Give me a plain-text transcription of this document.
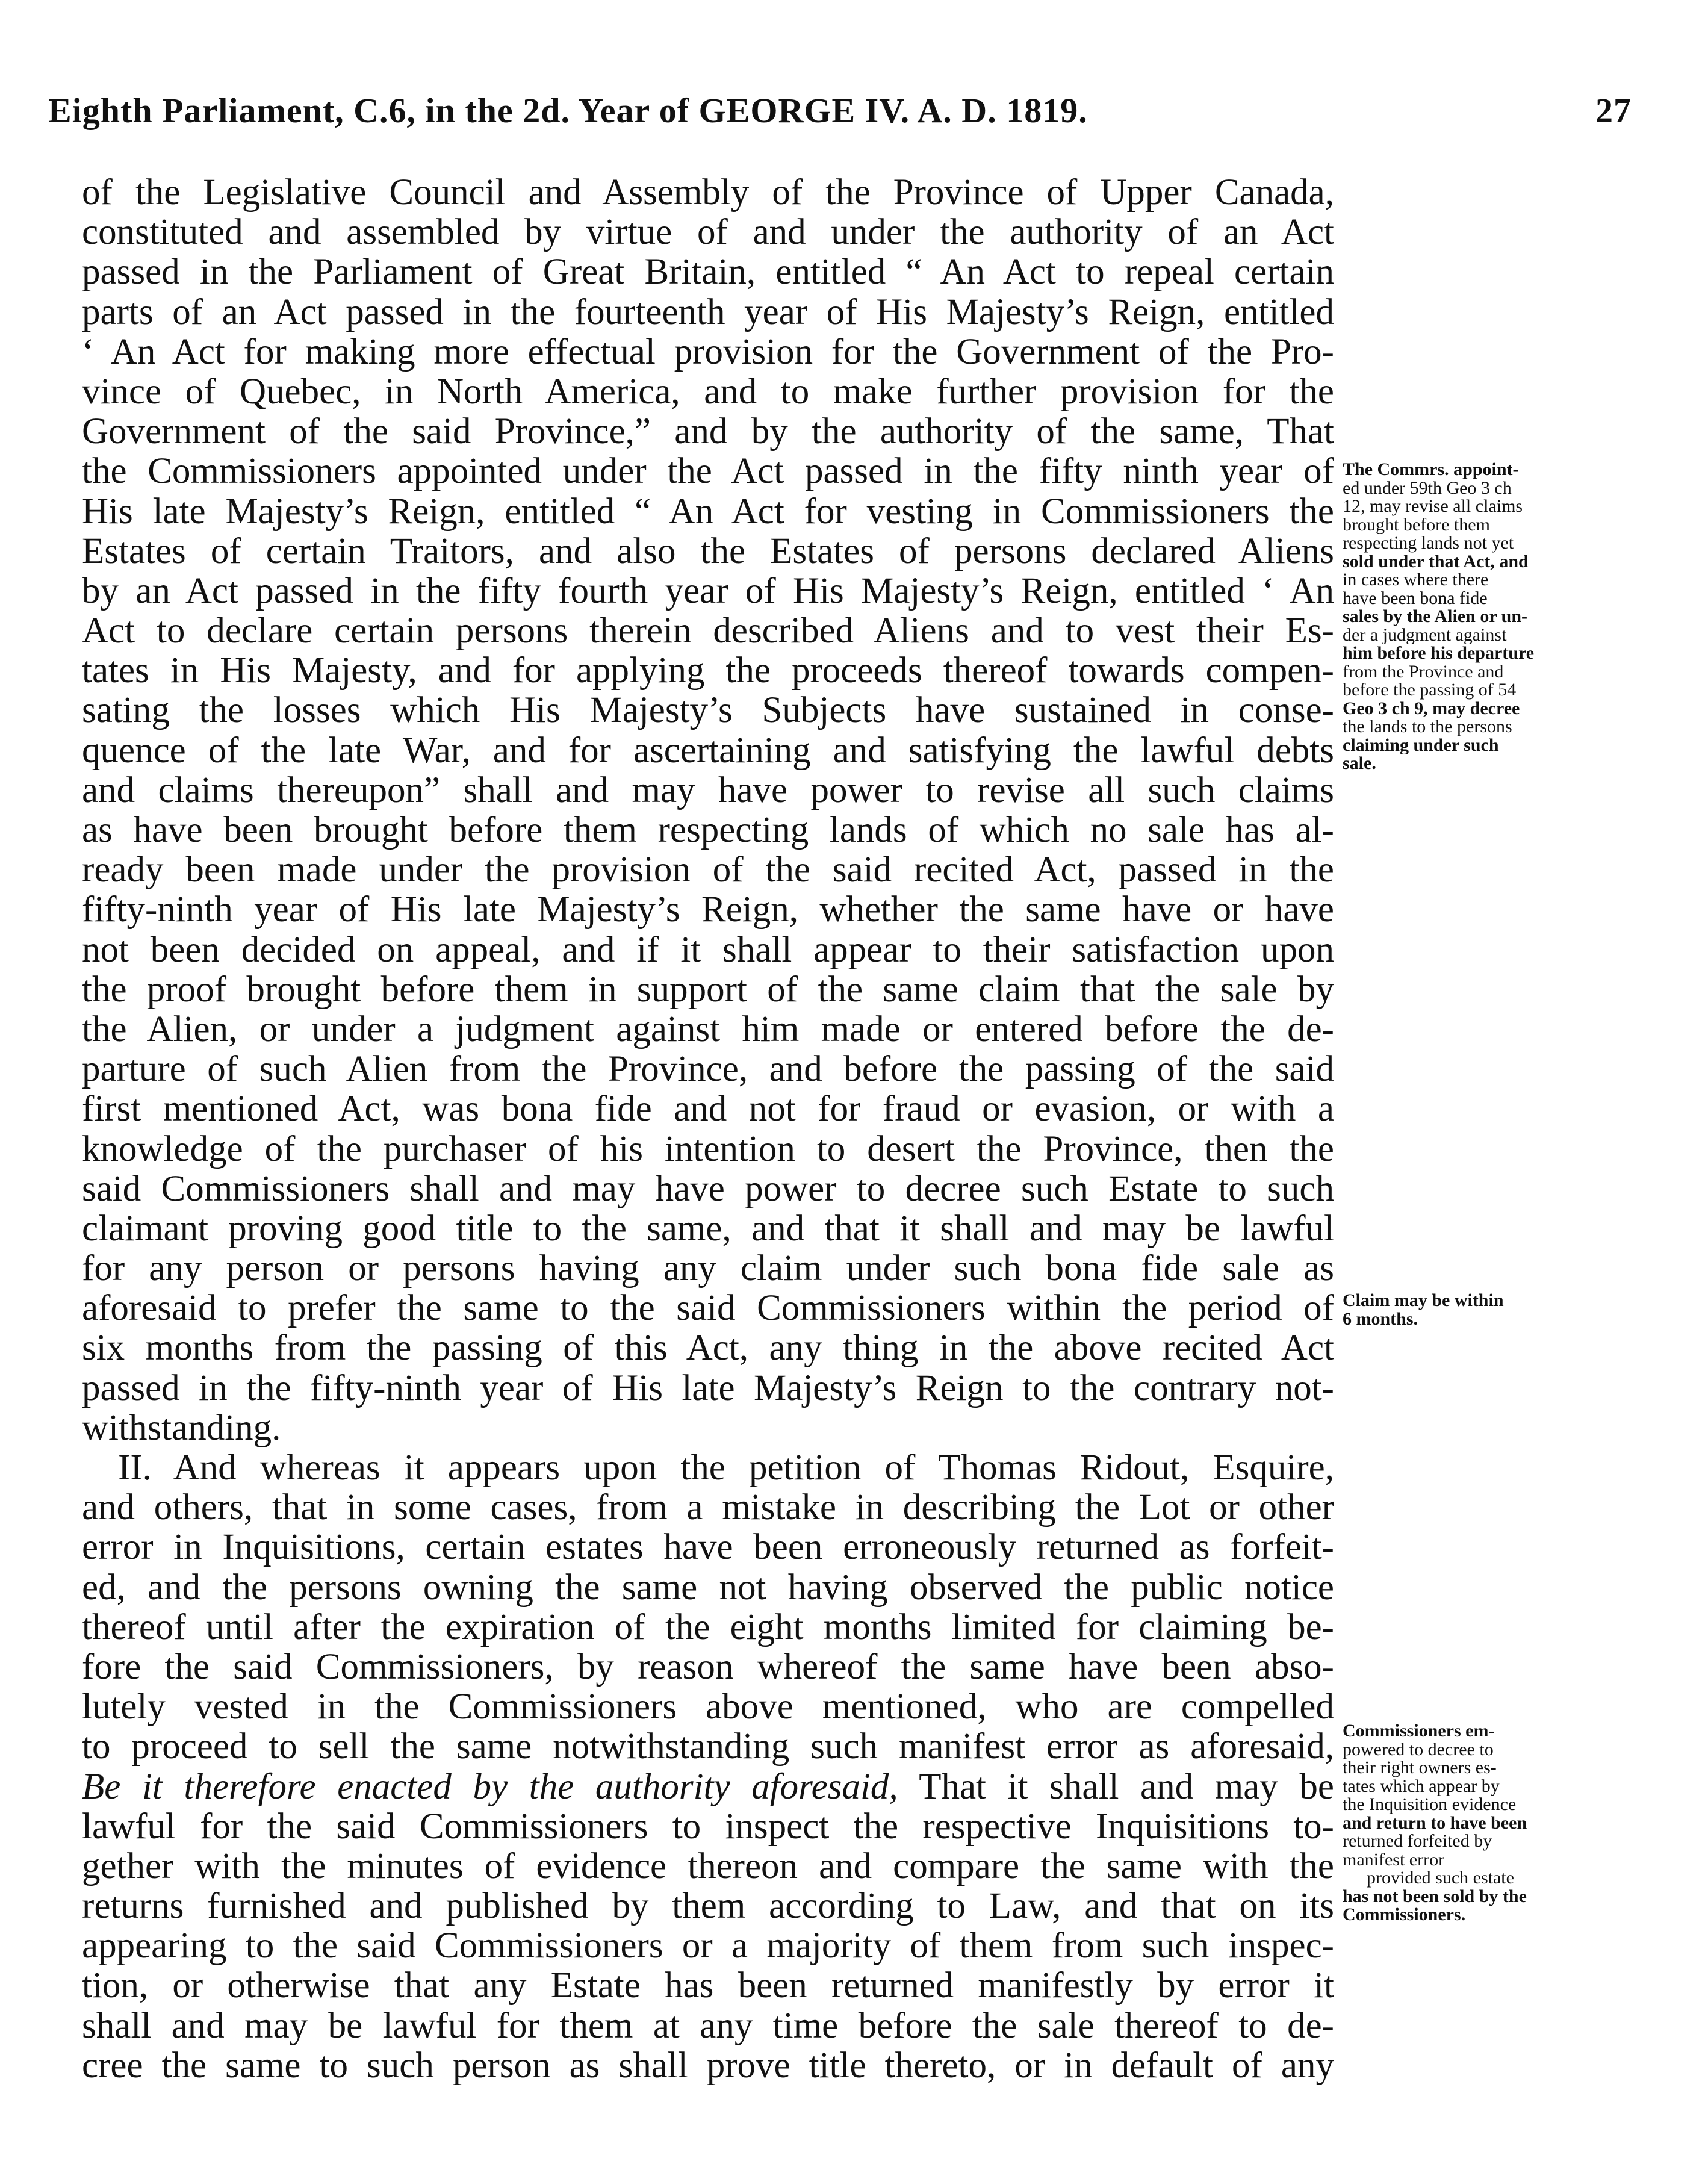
Eighth Parliament, C.6, in the 2d. Year of GEORGE IV. A. D. 1819.	27
of the Legislative Council and Assembly of the Province of Upper Canada,
constituted and assembled by virtue of and under the authority of an Act
passed in the Parliament of Great Britain, entitled “ An Act to repeal certain
parts of an Act passed in the fourteenth year of His Majesty’s Reign, entitled
‘ An Act for making more effectual provision for the Government of the Pro-
vince of Quebec, in North America, and to make further provision for the
Government of the said Province,” and by the authority of the same, That
the Commissioners appointed under the Act passed in the fifty ninth year of
His late Majesty’s Reign, entitled “ An Act for vesting in Commissioners the
Estates of certain Traitors, and also the Estates of persons declared Aliens
by an Act passed in the fifty fourth year of His Majesty’s Reign, entitled ‘ An
Act to declare certain persons therein described Aliens and to vest their Es-
tates in His Majesty, and for applying the proceeds thereof towards compen-
sating the losses which His Majesty’s Subjects have sustained in conse-
quence of the late War, and for ascertaining and satisfying the lawful debts
and claims thereupon” shall and may have power to revise all such claims
as have been brought before them respecting lands of which no sale has al-
ready been made under the provision of the said recited Act, passed in the
fifty-ninth year of His late Majesty’s Reign, whether the same have or have
not been decided on appeal, and if it shall appear to their satisfaction upon
the proof brought before them in support of the same claim that the sale by
the Alien, or under a judgment against him made or entered before the de-
parture of such Alien from the Province, and before the passing of the said
first mentioned Act, was bona fide and not for fraud or evasion, or with a
knowledge of the purchaser of his intention to desert the Province, then the
said Commissioners shall and may have power to decree such Estate to such
claimant proving good title to the same, and that it shall and may be lawful
for any person or persons having any claim under such bona fide sale as
aforesaid to prefer the same to the said Commissioners within the period of
six months from the passing of this Act, any thing in the above recited Act
passed in the fifty-ninth year of His late Majesty’s Reign to the contrary not-
withstanding.
II. And whereas it appears upon the petition of Thomas Ridout, Esquire,
and others, that in some cases, from a mistake in describing the Lot or other
error in Inquisitions, certain estates have been erroneously returned as forfeit-
ed, and the persons owning the same not having observed the public notice
thereof until after the expiration of the eight months limited for claiming be-
fore the said Commissioners, by reason whereof the same have been abso-
lutely vested in the Commissioners above mentioned, who are compelled
to proceed to sell the same notwithstanding such manifest error as aforesaid,
Be it therefore enacted by the authority aforesaid, That it shall and may be
lawful for the said Commissioners to inspect the respective Inquisitions to-
gether with the minutes of evidence thereon and compare the same with the
returns furnished and published by them according to Law, and that on its
appearing to the said Commissioners or a majority of them from such inspec-
tion, or otherwise that any Estate has been returned manifestly by error it
shall and may be lawful for them at any time before the sale thereof to de-
cree the same to such person as shall prove title thereto, or in default of any
The Commrs. appoint-
ed under 59th Geo 3 ch
12, may revise all claims
brought before them
respecting lands not yet
sold under that Act, and
in cases where there
have been bona fide
sales by the Alien or un-
der a judgment against
him before his departure
from the Province and
before the passing of 54
Geo 3 ch 9, may decree
the lands to the persons
claiming under such
sale.
Claim may be within
6 months.
Commissioners em-
powered to decree to
their right owners es-
tates which appear by
the Inquisition evidence
and return to have been
returned forfeited by
manifest error
provided such estate
has not been sold by the
Commissioners.
